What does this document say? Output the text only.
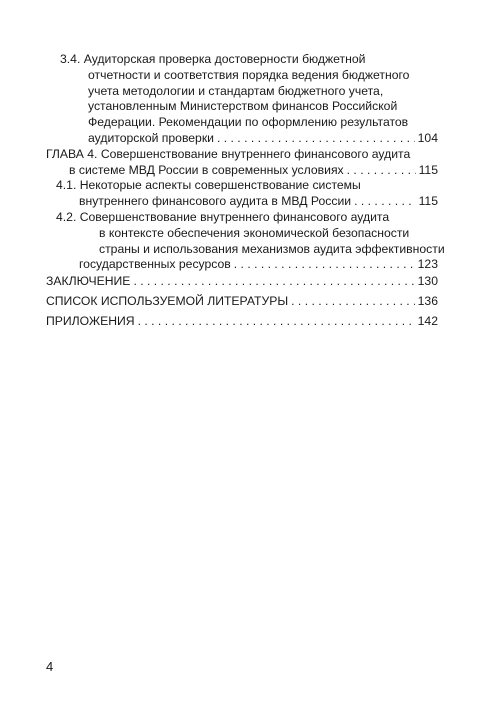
3.4. Аудиторская проверка достоверности бюджетной
отчетности и соответствия порядка ведения бюджетного
учета методологии и стандартам бюджетного учета,
установленным Министерством финансов Российской
Федерации. Рекомендации по оформлению результатов
аудиторской проверки . . .	104
ГЛАВА 4. Совершенствование внутреннего финансового аудита
в системе МВД России в современных условиях . . .	115
4.1. Некоторые аспекты совершенствование системы
внутреннего финансового аудита в МВД России . . .	115
4.2. Совершенствование внутреннего финансового аудита
в контексте обеспечения экономической безопасности
страны и использования механизмов аудита эффективности
государственных ресурсов . . .	123
ЗАКЛЮЧЕНИЕ . . .	130
СПИСОК ИСПОЛЬЗУЕМОЙ ЛИТЕРАТУРЫ . . .	136
ПРИЛОЖЕНИЯ . . .	142
4
